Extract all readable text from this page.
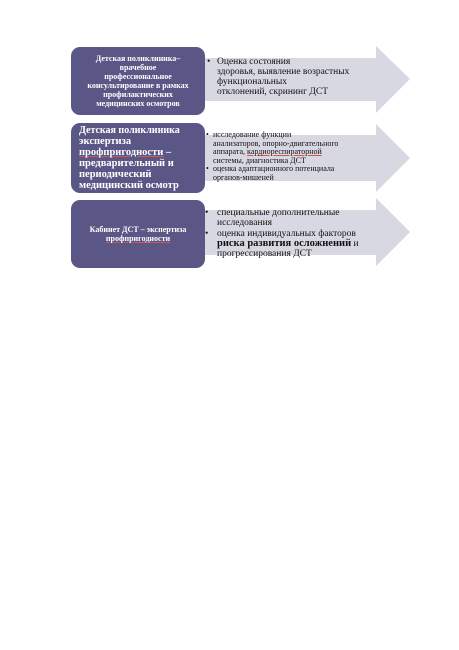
Детская поликлиника–
врачебное
профессиональное
консультирование в рамках
профилактических
медицинских осмотров
• Оценка состояния
здоровья, выявление возрастных
функциональных
отклонений, скрининг ДСТ
Детская поликлиника
экспертиза
профпригодности –
предварительный и
периодический
медицинский осмотр
• исследование функции
анализаторов, опорно-двигательного
аппарата, кардиореспираторной
системы, диагностика ДСТ
• оценка адаптационного потенциала
органов-мишеней
Кабинет ДСТ – экспертиза
профпригодности
• специальные дополнительные
исследования
• оценка индивидуальных факторов
риска развития осложнений и
прогрессирования ДСТ
